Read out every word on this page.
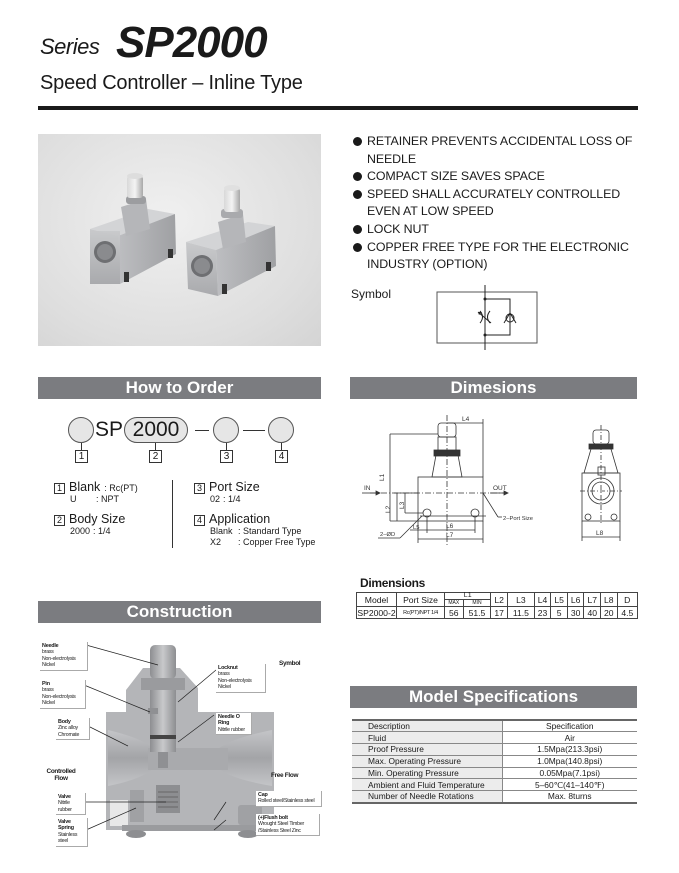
Series SP2000
Speed Controller – Inline Type
RETAINER PREVENTS ACCIDENTAL LOSS OF NEEDLE
COMPACT SIZE SAVES SPACE
SPEED SHALL ACCURATELY CONTROLLED EVEN AT LOW SPEED
LOCK NUT
COPPER FREE TYPE FOR THE ELECTRONIC INDUSTRY (OPTION)
Symbol
How to Order	Dimesions
Construction
Model Specifications
SP 2000
1	2	3	4
1 Blank : Rc(PT)
U	: NPT
2 Body Size
2000 : 1/4
3 Port Size
02 : 1/4
4 Application
Blank : Standard Type
X2	: Copper Free Type
L4
L1
L2
L3
IN	OUT
2–Port Size
2–ØD
L5	L6
L7	L8
Dimensions
Model	Port Size	L1		L2	L3	L4	L5	L6	L7	L8	D
		MAX	MIN								
SP2000-2	Rc(PT)/NPT 1/4	56	51.5	17	11.5	23	5	30	40	20	4.5
Description	Specification
Fluid	Air
Proof Pressure	1.5Mpa(213.3psi)
Max. Operating Pressure	1.0Mpa(140.8psi)
Min. Operating Pressure	0.05Mpa(7.1psi)
Ambient and Fluid Temperature	5–60℃(41–140℉)
Number of Needle Rotations	Max. 8turns
Needle
brass
Non-electrolysis Nickel
Pin
brass
Non-electrolysis Nickel
Body
Zinc alloy
Chromate
Controlled Flow
Valve
Nitrile rubber
Valve Spring
Stainless steel
Locknut
brass
Non-electrolysis Nickel
Needle O Ring
Nitrile rubber
Symbol
Free Flow
Cap
Rolled steel/Stainless steel
(+)Flush bolt
Wrought Steel Timber
/Stainless Steel Zinc
